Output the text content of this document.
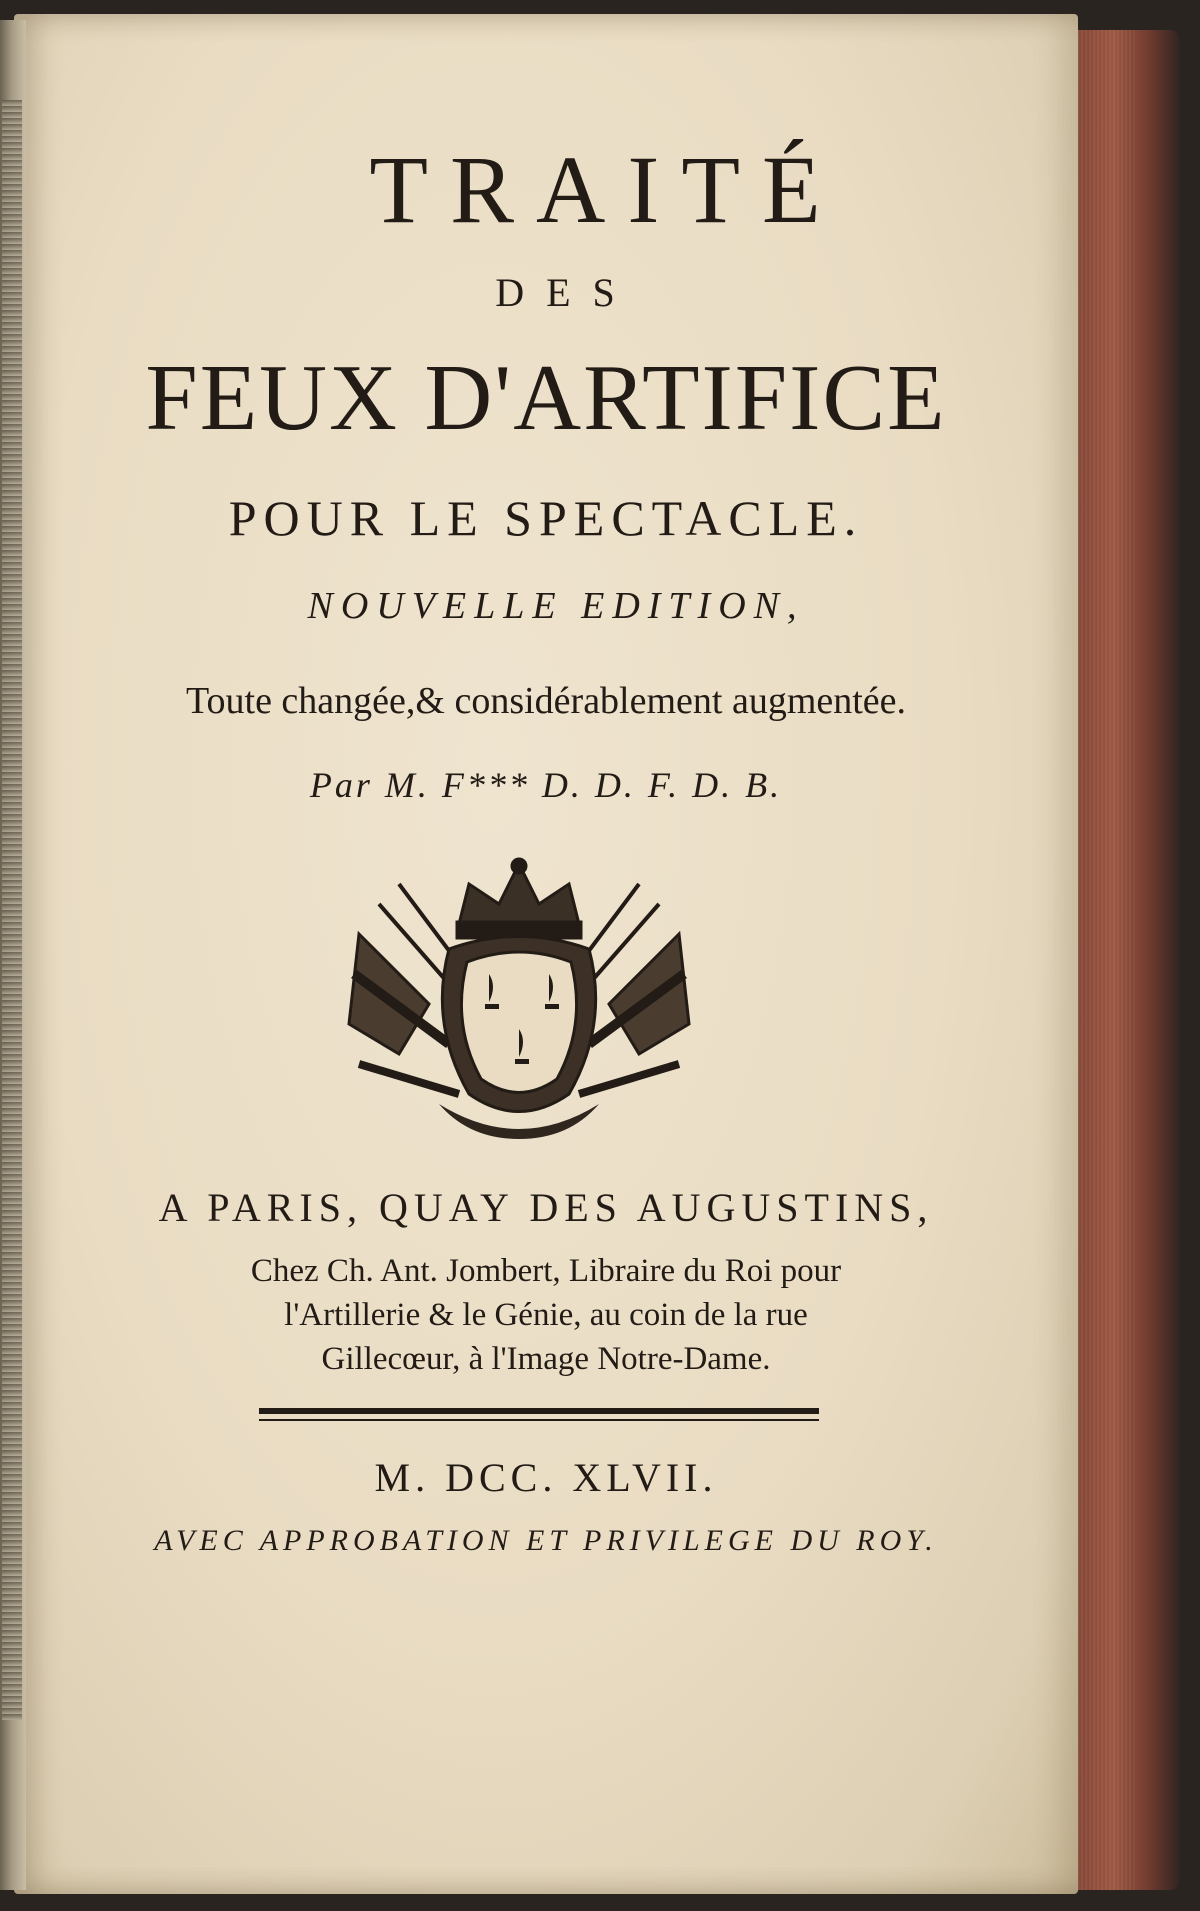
TRAITÉ
DES
FEUX D'ARTIFICE
POUR LE SPECTACLE.
NOUVELLE EDITION,
Toute changée,& considérablement augmentée.
Par M. F*** D. D. F. D. B.
A PARIS, QUAY DES AUGUSTINS,
Chez Ch. Ant. Jombert, Libraire du Roi pour
l'Artillerie & le Génie, au coin de la rue
Gillecœur, à l'Image Notre-Dame.
M. DCC. XLVII.
AVEC APPROBATION ET PRIVILEGE DU ROY.
